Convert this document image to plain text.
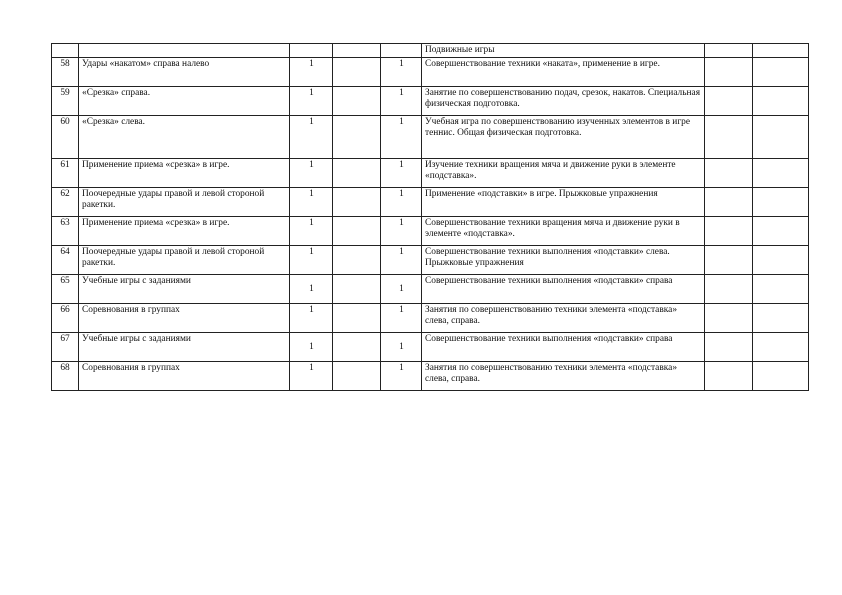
					Подвижные игры		
58	Удары «накатом» справа налево	1		1	Совершенствование техники «наката», применение в игре.		
59	«Срезка» справа.	1		1	Занятие по совершенствованию подач, срезок, накатов. Специальная физическая подготовка.		
60	«Срезка» слева.	1		1	Учебная игра по совершенствованию изученных элементов в игре теннис. Общая физическая подготовка.		
61	Применение приема «срезка» в игре.	1		1	Изучение техники вращения мяча и движение руки в элементе «подставка».		
62	Поочередные удары правой и левой стороной ракетки.	1		1	Применение «подставки» в игре. Прыжковые упражнения		
63	Применение приема «срезка» в игре.	1		1	Совершенствование техники вращения мяча и движение руки в элементе «подставка».		
64	Поочередные удары правой и левой стороной ракетки.	1		1	Совершенствование техники выполнения «подставки» слева. Прыжковые упражнения		
65	Учебные игры с заданиями	1		1	Совершенствование техники выполнения «подставки» справа		
66	Соревнования в группах	1		1	Занятия по совершенствованию техники элемента «подставка» слева, справа.		
67	Учебные игры с заданиями	1		1	Совершенствование техники выполнения «подставки» справа		
68	Соревнования в группах	1		1	Занятия по совершенствованию техники элемента «подставка» слева, справа.		
